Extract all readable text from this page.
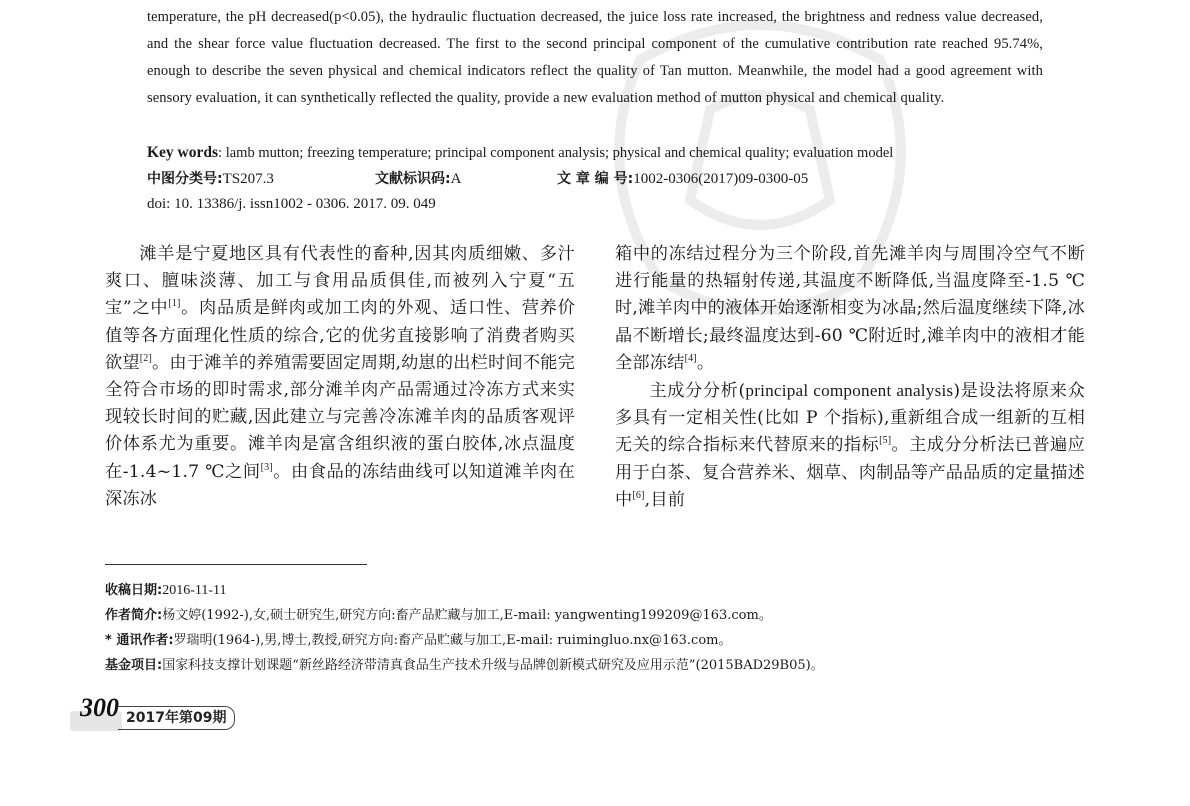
temperature, the pH decreased(p<0.05), the hydraulic fluctuation decreased, the juice loss rate increased, the brightness and redness value decreased, and the shear force value fluctuation decreased. The first to the second principal component of the cumulative contribution rate reached 95.74%, enough to describe the seven physical and chemical indicators reflect the quality of Tan mutton. Meanwhile, the model had a good agreement with sensory evaluation, it can synthetically reflected the quality, provide a new evaluation method of mutton physical and chemical quality.
Key words: lamb mutton; freezing temperature; principal component analysis; physical and chemical quality; evaluation model
中图分类号:TS207.3	文献标识码:A	文 章 编 号:1002-0306(2017)09-0300-05
doi: 10. 13386/j. issn1002 - 0306. 2017. 09. 049

滩羊是宁夏地区具有代表性的畜种,因其肉质细嫩、多汁爽口、膻味淡薄、加工与食用品质俱佳,而被列入宁夏“五宝”之中[1]。肉品质是鲜肉或加工肉的外观、适口性、营养价值等各方面理化性质的综合,它的优劣直接影响了消费者购买欲望[2]。由于滩羊的养殖需要固定周期,幼崽的出栏时间不能完全符合市场的即时需求,部分滩羊肉产品需通过冷冻方式来实现较长时间的贮藏,因此建立与完善冷冻滩羊肉的品质客观评价体系尤为重要。滩羊肉是富含组织液的蛋白胶体,冰点温度在-1.4~1.7 ℃之间[3]。由食品的冻结曲线可以知道滩羊肉在深冻冰

箱中的冻结过程分为三个阶段,首先滩羊肉与周围冷空气不断进行能量的热辐射传递,其温度不断降低,当温度降至-1.5 ℃时,滩羊肉中的液体开始逐渐相变为冰晶;然后温度继续下降,冰晶不断增长;最终温度达到-60 ℃附近时,滩羊肉中的液相才能全部冻结[4]。

主成分分析(principal component analysis)是设法将原来众多具有一定相关性(比如 P 个指标),重新组合成一组新的互相无关的综合指标来代替原来的指标[5]。主成分分析法已普遍应用于白茶、复合营养米、烟草、肉制品等产品品质的定量描述中[6],目前

收稿日期:2016-11-11
作者简介:杨文婷(1992-),女,硕士研究生,研究方向:畜产品贮藏与加工,E-mail: yangwenting199209@163.com。
* 通讯作者:罗瑞明(1964-),男,博士,教授,研究方向:畜产品贮藏与加工,E-mail: ruimingluo.nx@163.com。
基金项目:国家科技支撑计划课题“新丝路经济带清真食品生产技术升级与品牌创新模式研究及应用示范”(2015BAD29B05)。
300 2017年第09期
